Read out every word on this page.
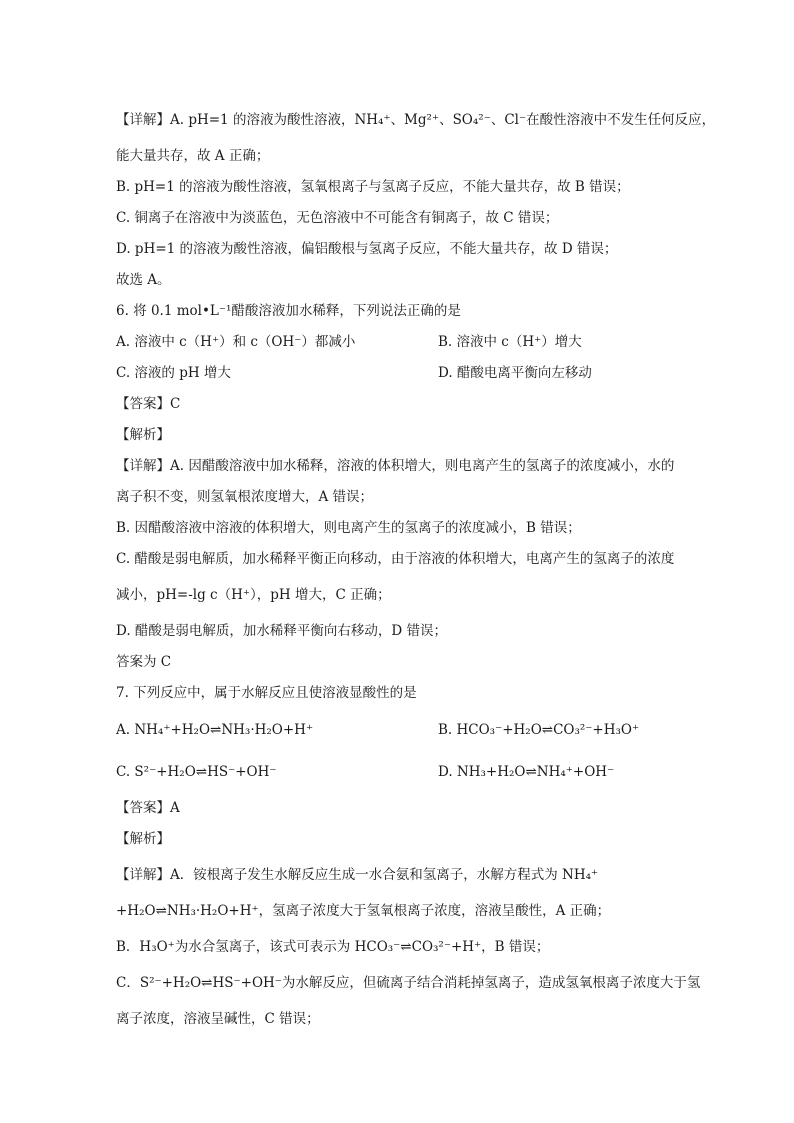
【详解】A. pH=1 的溶液为酸性溶液，NH₄⁺、Mg²⁺、SO₄²⁻、Cl⁻在酸性溶液中不发生任何反应，
能大量共存，故 A 正确；
B. pH=1 的溶液为酸性溶液，氢氧根离子与氢离子反应，不能大量共存，故 B 错误；
C. 铜离子在溶液中为淡蓝色，无色溶液中不可能含有铜离子，故 C 错误；
D. pH=1 的溶液为酸性溶液，偏铝酸根与氢离子反应，不能大量共存，故 D 错误；
故选 A。
6. 将 0.1 mol•L⁻¹醋酸溶液加水稀释，下列说法正确的是
A. 溶液中 c（H⁺）和 c（OH⁻）都减小	B. 溶液中 c（H⁺）增大
C. 溶液的 pH 增大	D. 醋酸电离平衡向左移动
【答案】C
【解析】
【详解】A. 因醋酸溶液中加水稀释，溶液的体积增大，则电离产生的氢离子的浓度减小，水的
离子积不变，则氢氧根浓度增大，A 错误；
B. 因醋酸溶液中溶液的体积增大，则电离产生的氢离子的浓度减小，B 错误；
C. 醋酸是弱电解质，加水稀释平衡正向移动，由于溶液的体积增大，电离产生的氢离子的浓度
减小，pH=-lg c（H⁺），pH 增大，C 正确；
D. 醋酸是弱电解质，加水稀释平衡向右移动，D 错误；
答案为 C
7. 下列反应中，属于水解反应且使溶液显酸性的是
A. NH₄⁺+H₂O⇌NH₃·H₂O+H⁺	B. HCO₃⁻+H₂O⇌CO₃²⁻+H₃O⁺
C. S²⁻+H₂O⇌HS⁻+OH⁻	D. NH₃+H₂O⇌NH₄⁺+OH⁻
【答案】A
【解析】
【详解】A．铵根离子发生水解反应生成一水合氨和氢离子，水解方程式为 NH₄⁺
+H₂O⇌NH₃·H₂O+H⁺，氢离子浓度大于氢氧根离子浓度，溶液呈酸性，A 正确；
B．H₃O⁺为水合氢离子，该式可表示为 HCO₃⁻⇌CO₃²⁻+H⁺，B 错误；
C．S²⁻+H₂O⇌HS⁻+OH⁻为水解反应，但硫离子结合消耗掉氢离子，造成氢氧根离子浓度大于氢
离子浓度，溶液呈碱性，C 错误；
